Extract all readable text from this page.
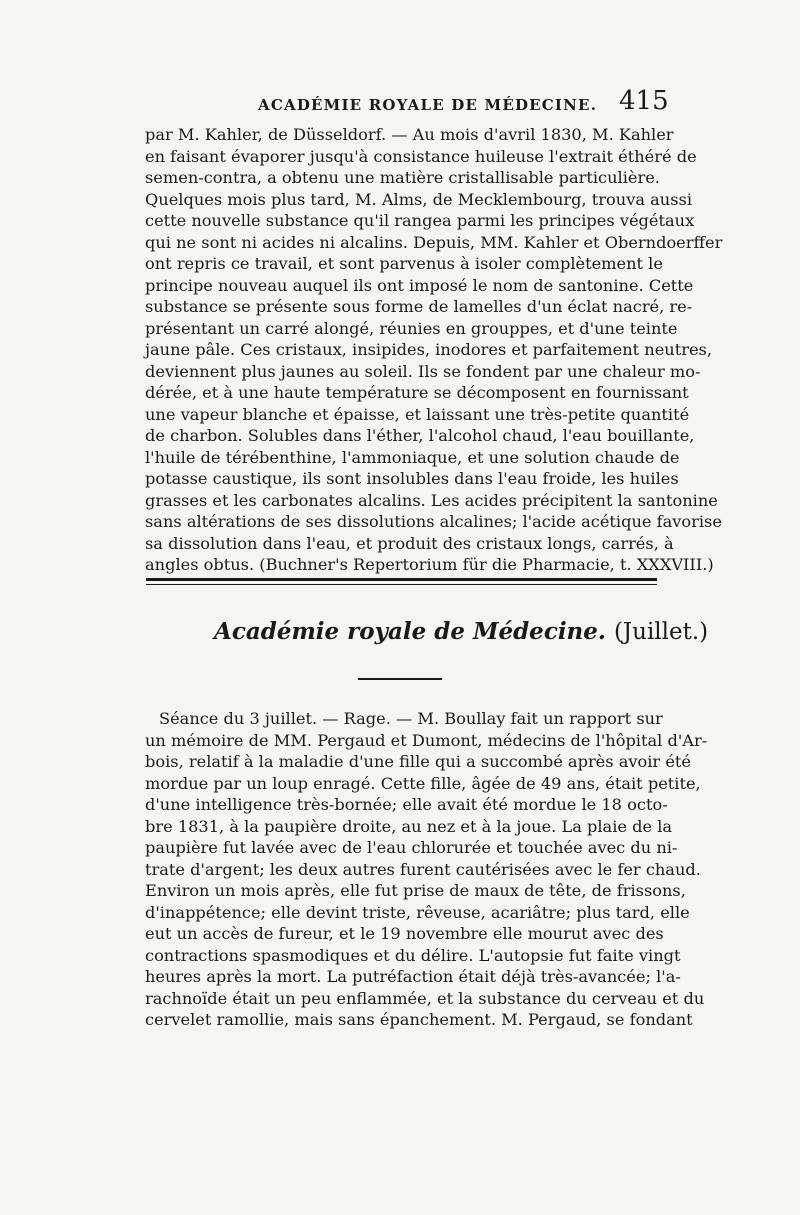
ACADÉMIE ROYALE DE MÉDECINE. 415
par M. Kahler, de Düsseldorf. — Au mois d'avril 1830, M. Kahler
en faisant évaporer jusqu'à consistance huileuse l'extrait éthéré de
semen-contra, a obtenu une matière cristallisable particulière.
Quelques mois plus tard, M. Alms, de Mecklembourg, trouva aussi
cette nouvelle substance qu'il rangea parmi les principes végétaux
qui ne sont ni acides ni alcalins. Depuis, MM. Kahler et Oberndoerffer
ont repris ce travail, et sont parvenus à isoler complètement le
principe nouveau auquel ils ont imposé le nom de santonine. Cette
substance se présente sous forme de lamelles d'un éclat nacré, re-
présentant un carré alongé, réunies en grouppes, et d'une teinte
jaune pâle. Ces cristaux, insipides, inodores et parfaitement neutres,
deviennent plus jaunes au soleil. Ils se fondent par une chaleur mo-
dérée, et à une haute température se décomposent en fournissant
une vapeur blanche et épaisse, et laissant une très-petite quantité
de charbon. Solubles dans l'éther, l'alcohol chaud, l'eau bouillante,
l'huile de térébenthine, l'ammoniaque, et une solution chaude de
potasse caustique, ils sont insolubles dans l'eau froide, les huiles
grasses et les carbonates alcalins. Les acides précipitent la santonine
sans altérations de ses dissolutions alcalines; l'acide acétique favorise
sa dissolution dans l'eau, et produit des cristaux longs, carrés, à
angles obtus. (Buchner's Repertorium für die Pharmacie, t. XXXVIII.)
Académie royale de Médecine. (Juillet.)
Séance du 3 juillet. — Rage. — M. Boullay fait un rapport sur
un mémoire de MM. Pergaud et Dumont, médecins de l'hôpital d'Ar-
bois, relatif à la maladie d'une fille qui a succombé après avoir été
mordue par un loup enragé. Cette fille, âgée de 49 ans, était petite,
d'une intelligence très-bornée; elle avait été mordue le 18 octo-
bre 1831, à la paupière droite, au nez et à la joue. La plaie de la
paupière fut lavée avec de l'eau chlorurée et touchée avec du ni-
trate d'argent; les deux autres furent cautérisées avec le fer chaud.
Environ un mois après, elle fut prise de maux de tête, de frissons,
d'inappétence; elle devint triste, rêveuse, acariâtre; plus tard, elle
eut un accès de fureur, et le 19 novembre elle mourut avec des
contractions spasmodiques et du délire. L'autopsie fut faite vingt
heures après la mort. La putréfaction était déjà très-avancée; l'a-
rachnoïde était un peu enflammée, et la substance du cerveau et du
cervelet ramollie, mais sans épanchement. M. Pergaud, se fondant
